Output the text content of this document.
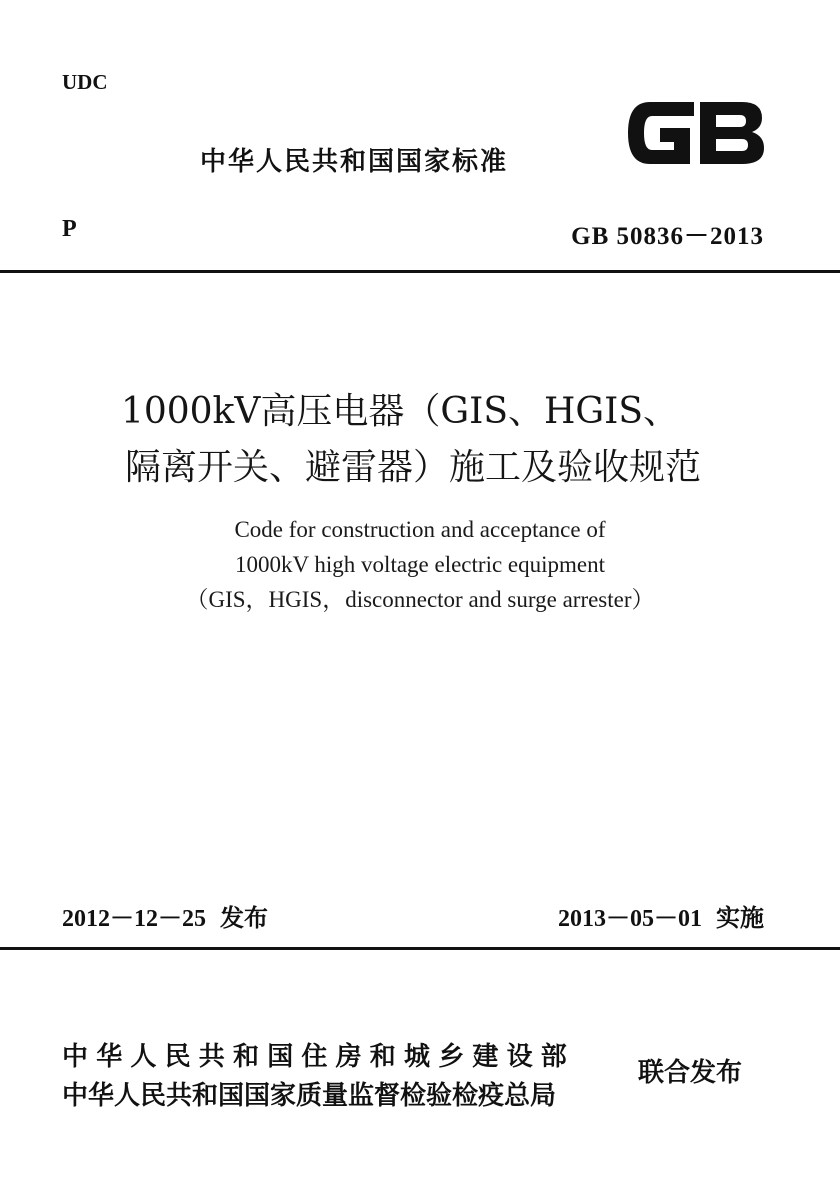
UDC
中华人民共和国国家标准
P	GB 50836－2013
1000kV高压电器（GIS、HGIS、
隔离开关、避雷器）施工及验收规范
Code for construction and acceptance of
1000kV high voltage electric equipment
（GIS，HGIS，disconnector and surge arrester）
2012－12－25 发布	2013－05－01 实施
中华人民共和国住房和城乡建设部
中华人民共和国国家质量监督检验检疫总局
联合发布
